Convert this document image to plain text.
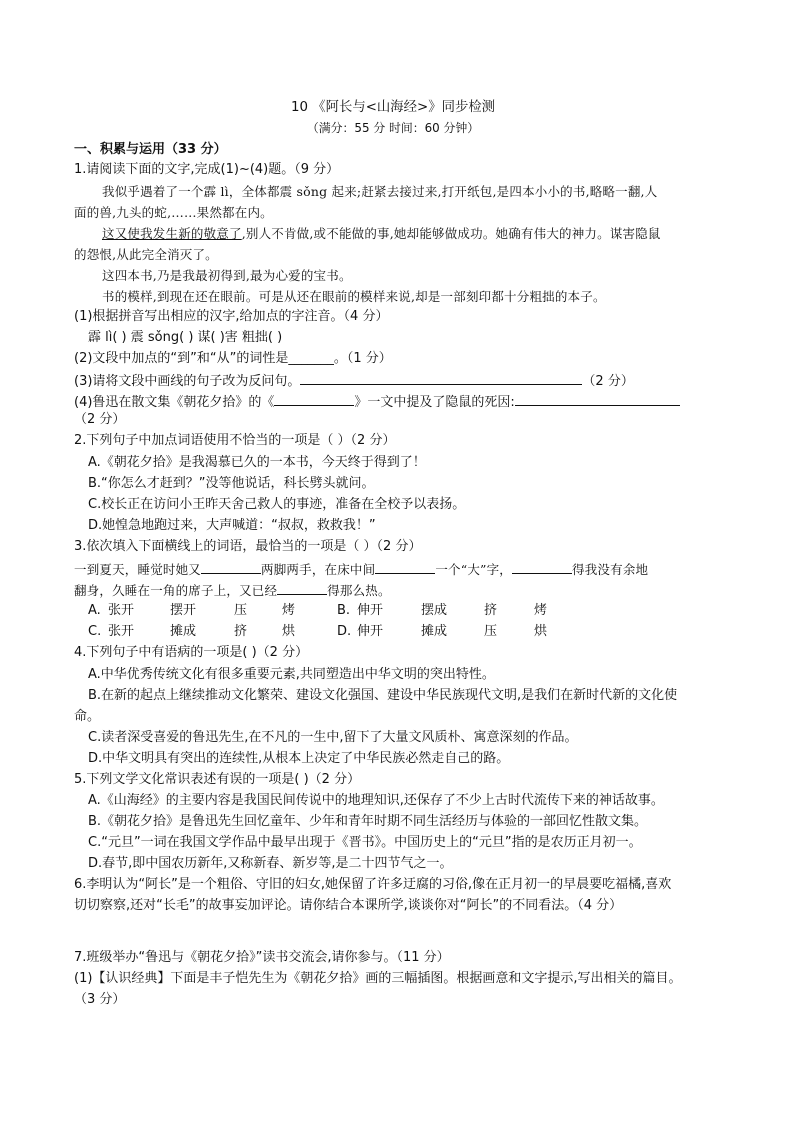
10 《阿长与<山海经>》同步检测
（满分：55 分 时间：60 分钟）
一、积累与运用（33 分）
1.请阅读下面的文字,完成(1)~(4)题。（9 分）
我似乎遇着了一个霹 lì，全体都震 sǒng 起来;赶紧去接过来,打开纸包,是四本小小的书,略略一翻,人
面的兽,九头的蛇,……果然都在内。
这又使我发生新的敬意了,别人不肯做,或不能做的事,她却能够做成功。她确有伟大的神力。谋害隐鼠
的怨恨,从此完全消灭了。
这四本书,乃是我最初得到,最为心爱的宝书。
书的模样,到现在还在眼前。可是从还在眼前的模样来说,却是一部刻印都十分粗拙的本子。
(1)根据拼音写出相应的汉字,给加点的字注音。（4 分）
霹 lì( ) 震 sǒng( ) 谋( )害 粗拙( )
(2)文段中加点的“到”和“从”的词性是_______。（1 分）
(3)请将文段中画线的句子改为反问句。	（2 分）
(4)鲁迅在散文集《朝花夕拾》的《	》一文中提及了隐鼠的死因:
（2 分）
2.下列句子中加点词语使用不恰当的一项是（ ）（2 分）
A.《朝花夕拾》是我渴慕已久的一本书，今天终于得到了！
B.“你怎么才赶到？”没等他说话，科长劈头就问。
C.校长正在访问小王昨天舍己救人的事迹，准备在全校予以表扬。
D.她惶急地跑过来，大声喊道：“叔叔，救救我！”
3.依次填入下面横线上的词语，最恰当的一项是（ ）（2 分）
一到夏天，睡觉时她又	两脚两手，在床中间	一个“大”字，	得我没有余地
翻身，久睡在一角的席子上，又已经	得那么热。
A. 张开	摆开	压	烤	B. 伸开	摆成	挤	烤
C. 张开	摊成	挤	烘	D. 伸开	摊成	压	烘
4.下列句子中有语病的一项是( )（2 分）
A.中华优秀传统文化有很多重要元素,共同塑造出中华文明的突出特性。
B.在新的起点上继续推动文化繁荣、建设文化强国、建设中华民族现代文明,是我们在新时代新的文化使
命。
C.读者深受喜爱的鲁迅先生,在不凡的一生中,留下了大量文风质朴、寓意深刻的作品。
D.中华文明具有突出的连续性,从根本上决定了中华民族必然走自己的路。
5.下列文学文化常识表述有误的一项是( )（2 分）
A.《山海经》的主要内容是我国民间传说中的地理知识,还保存了不少上古时代流传下来的神话故事。
B.《朝花夕拾》是鲁迅先生回忆童年、少年和青年时期不同生活经历与体验的一部回忆性散文集。
C.“元旦”一词在我国文学作品中最早出现于《晋书》。中国历史上的“元旦”指的是农历正月初一。
D.春节,即中国农历新年,又称新春、新岁等,是二十四节气之一。
6.李明认为“阿长”是一个粗俗、守旧的妇女,她保留了许多迂腐的习俗,像在正月初一的早晨要吃福橘,喜欢
切切察察,还对“长毛”的故事妄加评论。请你结合本课所学,谈谈你对“阿长”的不同看法。（4 分）
7.班级举办“鲁迅与《朝花夕拾》”读书交流会,请你参与。（11 分）
(1)【认识经典】下面是丰子恺先生为《朝花夕拾》画的三幅插图。根据画意和文字提示,写出相关的篇目。
（3 分）
